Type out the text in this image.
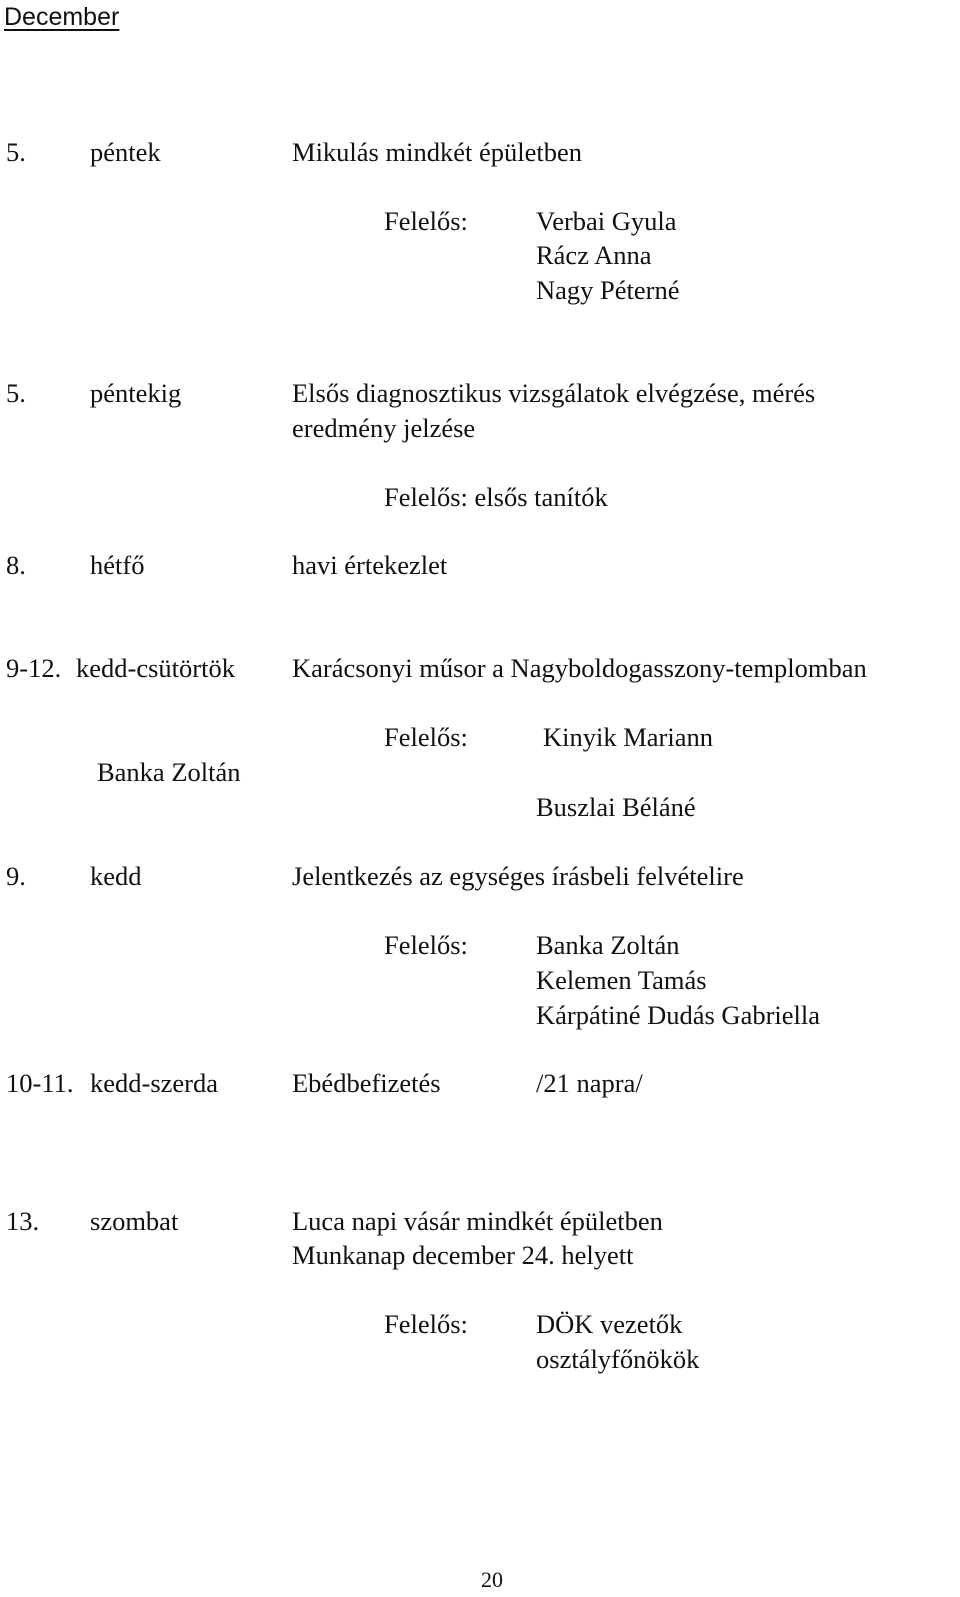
December
5. péntek	Mikulás mindkét épületben
Felelős:	Verbai Gyula
Rácz Anna
Nagy Péterné
5. péntekig	Elsős diagnosztikus vizsgálatok elvégzése, mérés
eredmény jelzése
Felelős: elsős tanítók
8. hétfő	havi értekezlet
9-12. kedd-csütörtök Karácsonyi műsor a Nagyboldogasszony-templomban
Felelős:	Kinyik Mariann
Banka Zoltán
Buszlai Béláné
9. kedd	Jelentkezés az egységes írásbeli felvételire
Felelős:	Banka Zoltán
Kelemen Tamás
Kárpátiné Dudás Gabriella
10-11. kedd-szerda	Ebédbefizetés	/21 napra/
13. szombat	Luca napi vásár mindkét épületben
Munkanap december 24. helyett
Felelős:	DÖK vezetők
osztályfőnökök
20
